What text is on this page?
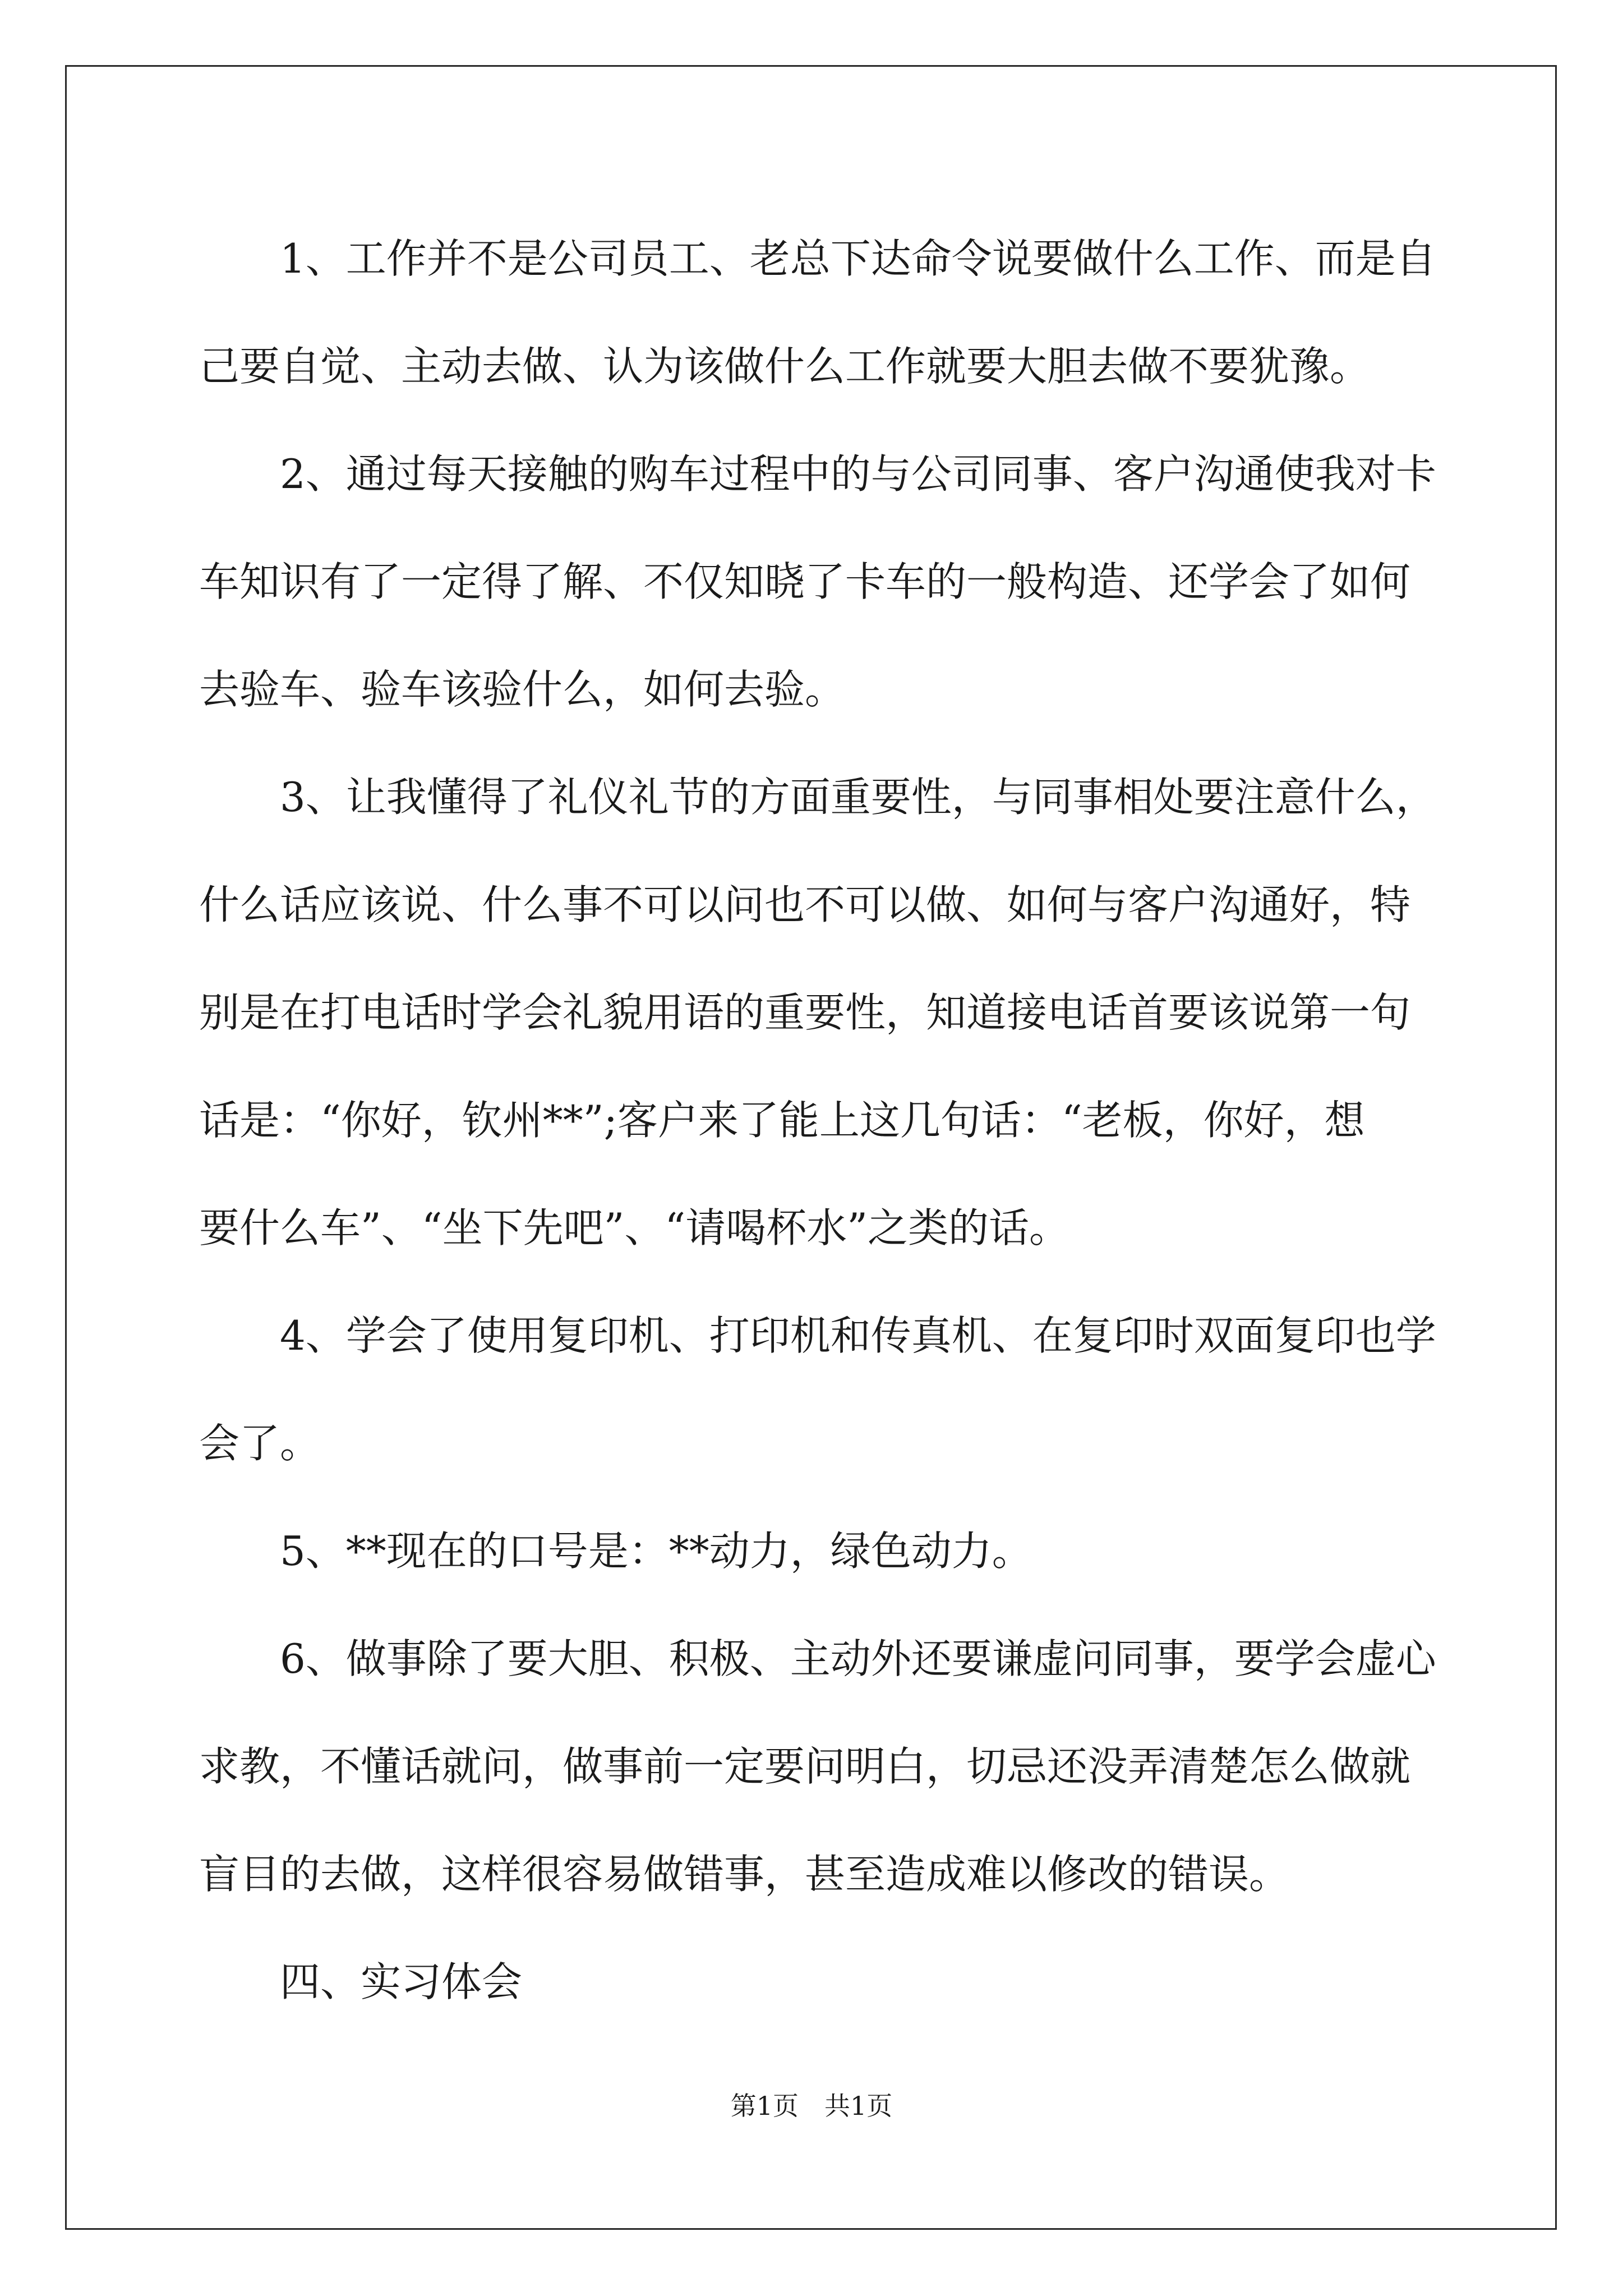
1、工作并不是公司员工、老总下达命令说要做什么工作、而是自
己要自觉、主动去做、认为该做什么工作就要大胆去做不要犹豫。

2、通过每天接触的购车过程中的与公司同事、客户沟通使我对卡
车知识有了一定得了解、不仅知晓了卡车的一般构造、还学会了如何
去验车、验车该验什么，如何去验。

3、让我懂得了礼仪礼节的方面重要性，与同事相处要注意什么，
什么话应该说、什么事不可以问也不可以做、如何与客户沟通好，特
别是在打电话时学会礼貌用语的重要性，知道接电话首要该说第一句
话是：“你好，钦州**”;客户来了能上这几句话：“老板，你好，想
要什么车”、“坐下先吧”、“请喝杯水”之类的话。

4、学会了使用复印机、打印机和传真机、在复印时双面复印也学
会了。

5、**现在的口号是：**动力，绿色动力。

6、做事除了要大胆、积极、主动外还要谦虚问同事，要学会虚心
求教，不懂话就问，做事前一定要问明白，切忌还没弄清楚怎么做就
盲目的去做，这样很容易做错事，甚至造成难以修改的错误。

四、实习体会

第1页　共1页
